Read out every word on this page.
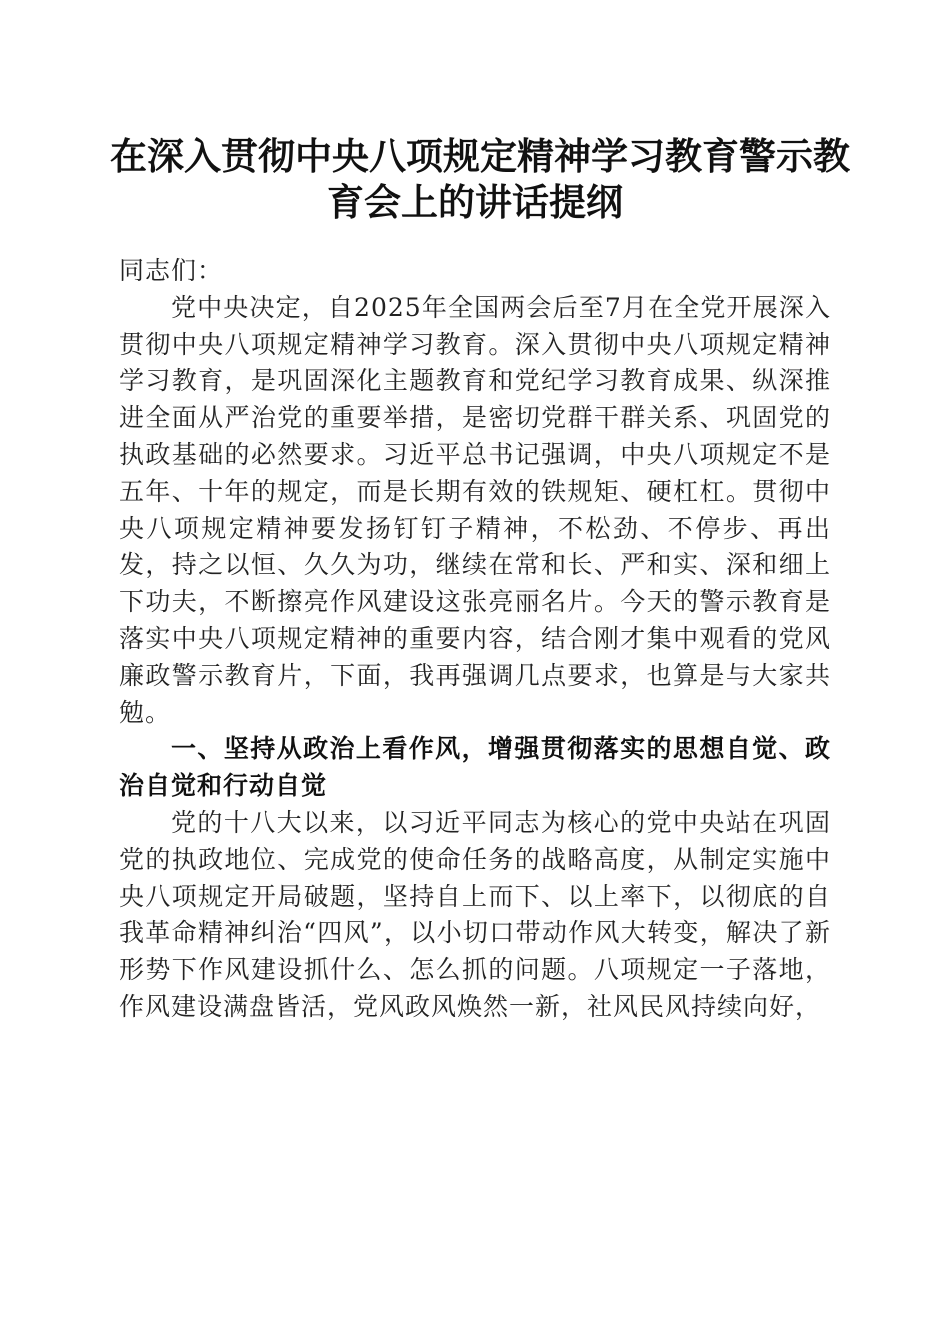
在深入贯彻中央八项规定精神学习教育警示教
育会上的讲话提纲

同志们：

党中央决定，自2025年全国两会后至7月在全党开展深入贯彻中央八项规定精神学习教育。深入贯彻中央八项规定精神学习教育，是巩固深化主题教育和党纪学习教育成果、纵深推进全面从严治党的重要举措，是密切党群干群关系、巩固党的执政基础的必然要求。习近平总书记强调，中央八项规定不是五年、十年的规定，而是长期有效的铁规矩、硬杠杠。贯彻中央八项规定精神要发扬钉钉子精神，不松劲、不停步、再出发，持之以恒、久久为功，继续在常和长、严和实、深和细上下功夫，不断擦亮作风建设这张亮丽名片。今天的警示教育是落实中央八项规定精神的重要内容，结合刚才集中观看的党风廉政警示教育片，下面，我再强调几点要求，也算是与大家共勉。

一、坚持从政治上看作风，增强贯彻落实的思想自觉、政治自觉和行动自觉

党的十八大以来，以习近平同志为核心的党中央站在巩固党的执政地位、完成党的使命任务的战略高度，从制定实施中央八项规定开局破题，坚持自上而下、以上率下，以彻底的自我革命精神纠治“四风”，以小切口带动作风大转变，解决了新形势下作风建设抓什么、怎么抓的问题。八项规定一子落地，作风建设满盘皆活，党风政风焕然一新，社风民风持续向好，
